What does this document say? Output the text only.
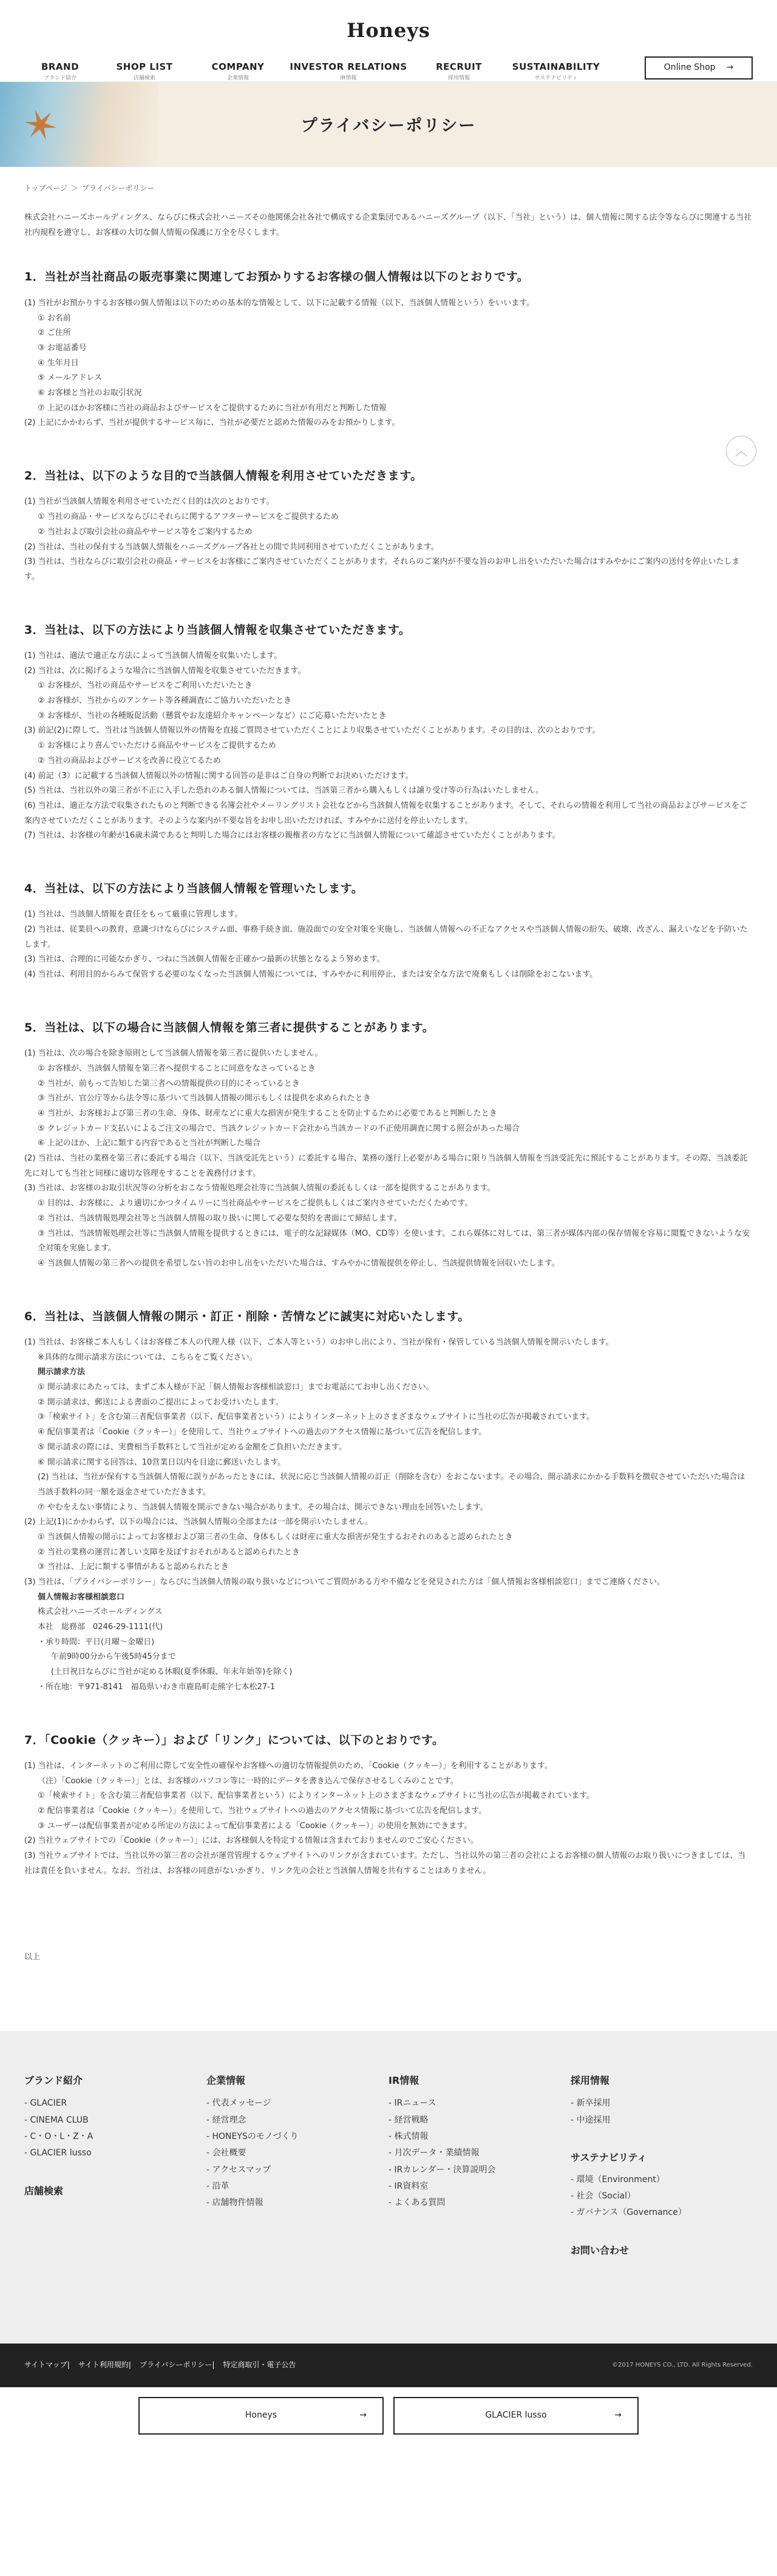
Honeys
BRAND
ブランド紹介
SHOP LIST
店舗検索
COMPANY
企業情報
INVESTOR RELATIONS
IR情報
RECRUIT
採用情報
SUSTAINABILITY
サステナビリティ
Online Shop →
✶	プライバシーポリシー
トップページ ＞ プライバシーポリシー

株式会社ハニーズホールディングス、ならびに株式会社ハニーズその他関係会社各社で構成する企業集団であるハニーズグループ（以下、「当社」という）は、個人情報に関する法令等ならびに関連する当社社内規程を遵守し、お客様の大切な個人情報の保護に万全を尽くします。

1．当社が当社商品の販売事業に関連してお預かりするお客様の個人情報は以下のとおりです。

(1) 当社がお預かりするお客様の個人情報は以下のための基本的な情報として、以下に記載する情報（以下、当該個人情報という）をいいます。

① お名前

② ご住所

③ お電話番号

④ 生年月日

⑤ メールアドレス

⑥ お客様と当社のお取引状況

⑦ 上記のほかお客様に当社の商品およびサービスをご提供するために当社が有用だと判断した情報

(2) 上記にかかわらず、当社が提供するサービス毎に、当社が必要だと認めた情報のみをお預かりします。

2．当社は、以下のような目的で当該個人情報を利用させていただきます。

(1) 当社が当該個人情報を利用させていただく目的は次のとおりです。

① 当社の商品・サービスならびにそれらに関するアフターサービスをご提供するため

② 当社および取引会社の商品やサービス等をご案内するため

(2) 当社は、当社の保有する当該個人情報をハニーズグループ各社との間で共同利用させていただくことがあります。

(3) 当社は、当社ならびに取引会社の商品・サービスをお客様にご案内させていただくことがあります。それらのご案内が不要な旨のお申し出をいただいた場合はすみやかにご案内の送付を停止いたします。

3．当社は、以下の方法により当該個人情報を収集させていただきます。

(1) 当社は、適法で適正な方法によって当該個人情報を収集いたします。

(2) 当社は、次に掲げるような場合に当該個人情報を収集させていただきます。

① お客様が、当社の商品やサービスをご利用いただいたとき

② お客様が、当社からのアンケート等各種調査にご協力いただいたとき

③ お客様が、当社の各種販促活動（懸賞やお友達紹介キャンペーンなど）にご応募いただいたとき

(3) 前記(2)に際して、当社は当該個人情報以外の情報を直接ご質問させていただくことにより収集させていただくことがあります。その目的は、次のとおりです。

① お客様により喜んでいただける商品やサービスをご提供するため

② 当社の商品およびサービスを改善に役立てるため

(4) 前記（3）に記載する当該個人情報以外の情報に関する回答の是非はご自身の判断でお決めいただけます。

(5) 当社は、当社以外の第三者が不正に入手した恐れのある個人情報については、当該第三者から購入もしくは譲り受け等の行為はいたしません。

(6) 当社は、適正な方法で収集されたものと判断できる名簿会社やメーリングリスト会社などから当該個人情報を収集することがあります。そして、それらの情報を利用して当社の商品およびサービスをご案内させていただくことがあります。そのような案内が不要な旨をお申し出いただければ、すみやかに送付を停止いたします。

(7) 当社は、お客様の年齢が16歳未満であると判明した場合にはお客様の親権者の方などに当該個人情報について確認させていただくことがあります。

4．当社は、以下の方法により当該個人情報を管理いたします。

(1) 当社は、当該個人情報を責任をもって厳重に管理します。

(2) 当社は、従業員への教育、意識づけならびにシステム面、事務手続き面、施設面での安全対策を実施し、当該個人情報への不正なアクセスや当該個人情報の紛失、破壊、改ざん、漏えいなどを予防いたします。

(3) 当社は、合理的に可能なかぎり、つねに当該個人情報を正確かつ最新の状態となるよう努めます。

(4) 当社は、利用目的からみて保管する必要のなくなった当該個人情報については、すみやかに利用停止、または安全な方法で廃棄もしくは削除をおこないます。

5．当社は、以下の場合に当該個人情報を第三者に提供することがあります。

(1) 当社は、次の場合を除き原則として当該個人情報を第三者に提供いたしません。

① お客様が、当該個人情報を第三者へ提供することに同意をなさっているとき

② 当社が、前もって告知した第三者への情報提供の目的にそっているとき

③ 当社が、官公庁等から法令等に基づいて当該個人情報の開示もしくは提供を求められたとき

④ 当社が、お客様および第三者の生命、身体、財産などに重大な損害が発生することを防止するために必要であると判断したとき

⑤ クレジットカード支払いによるご注文の場合で、当該クレジットカード会社から当該カードの不正使用調査に関する照会があった場合

⑥ 上記のほか、上記に類する内容であると当社が判断した場合

(2) 当社は、当社の業務を第三者に委託する場合（以下、当該受託先という）に委託する場合、業務の遂行上必要がある場合に限り当該個人情報を当該受託先に預託することがあります。その際、当該委託先に対しても当社と同様に適切な管理をすることを義務付けます。

(3) 当社は、お客様のお取引状況等の分析をおこなう情報処理会社等に当該個人情報の委託もしくは一部を提供することがあります。

① 目的は、お客様に、より適切にかつタイムリーに当社商品やサービスをご提供もしくはご案内させていただくためです。

② 当社は、当該情報処理会社等と当該個人情報の取り扱いに関して必要な契約を書面にて締結します。

③ 当社は、当該情報処理会社等に当該個人情報を提供するときには、電子的な記録媒体（MO、CD等）を使います。これら媒体に対しては、第三者が媒体内部の保存情報を容易に閲覧できないような安全対策を実施します。

④ 当該個人情報の第三者への提供を希望しない旨のお申し出をいただいた場合は、すみやかに情報提供を停止し、当該提供情報を回収いたします。

6．当社は、当該個人情報の開示・訂正・削除・苦情などに誠実に対応いたします。

(1) 当社は、お客様ご本人もしくはお客様ご本人の代理人様（以下、ご本人等という）のお申し出により、当社が保有・保管している当該個人情報を開示いたします。

※具体的な開示請求方法については、こちらをご覧ください。

開示請求方法

① 開示請求にあたっては、まずご本人様が下記「個人情報お客様相談窓口」までお電話にてお申し出ください。

② 開示請求は、郵送による書面のご提出によってお受けいたします。

③「検索サイト」を含む第三者配信事業者（以下、配信事業者という）によりインターネット上のさまざまなウェブサイトに当社の広告が掲載されています。

④ 配信事業者は「Cookie（クッキー）」を使用して、当社ウェブサイトへの過去のアクセス情報に基づいて広告を配信します。

⑤ 開示請求の際には、実費相当手数料として当社が定める金額をご負担いただきます。

⑥ 開示請求に関する回答は、10営業日以内を目途に郵送いたします。

(2) 当社は、当社が保有する当該個人情報に誤りがあったときには、状況に応じ当該個人情報の訂正（削除を含む）をおこないます。その場合、開示請求にかかる手数料を徴収させていただいた場合は当該手数料の同一額を返金させていただきます。

⑦ やむをえない事情により、当該個人情報を開示できない場合があります。その場合は、開示できない理由を回答いたします。

(2) 上記(1)にかかわらず、以下の場合には、当該個人情報の全部または一部を開示いたしません。

① 当該個人情報の開示によってお客様および第三者の生命、身体もしくは財産に重大な損害が発生するおそれのあると認められたとき

② 当社の業務の運営に著しい支障を及ぼすおそれがあると認められたとき

③ 当社は、上記に類する事情があると認められたとき

(3) 当社は、「プライバシーポリシー」ならびに当該個人情報の取り扱いなどについてご質問がある方や不備などを発見された方は「個人情報お客様相談窓口」までご連絡ください。

個人情報お客様相談窓口

株式会社ハニーズホールディングス

本社　総務部　0246-29-1111(代)

・承り時間：平日(月曜〜金曜日)

午前9時00分から午後5時45分まで

(土日祝日ならびに当社が定める休暇(夏季休暇、年末年始等)を除く)

・所在地：〒971-8141　福島県いわき市鹿島町走熊字七本松27-1

7．「Cookie（クッキー）」および「リンク」については、以下のとおりです。

(1) 当社は、インターネットのご利用に際して安全性の確保やお客様への適切な情報提供のため、「Cookie（クッキー）」を利用することがあります。

（注）「Cookie（クッキー）」とは、お客様のパソコン等に一時的にデータを書き込んで保存させるしくみのことです。

①「検索サイト」を含む第三者配信事業者（以下、配信事業者という）によりインターネット上のさまざまなウェブサイトに当社の広告が掲載されています。

② 配信事業者は「Cookie（クッキー）」を使用して、当社ウェブサイトへの過去のアクセス情報に基づいて広告を配信します。

③ ユーザーは配信事業者が定める所定の方法によって配信事業者による「Cookie（クッキー）」の使用を無効にできます。

(2) 当社ウェブサイトでの「Cookie（クッキー）」には、お客様個人を特定する情報は含まれておりませんのでご安心ください。

(3) 当社ウェブサイトでは、当社以外の第三者の会社が運営管理するウェブサイトへのリンクが含まれています。ただし、当社以外の第三者の会社によるお客様の個人情報のお取り扱いにつきましては、当社は責任を負いません。なお、当社は、お客様の同意がないかぎり、リンク先の会社と当該個人情報を共有することはありません。

以上

︿
ブランド紹介
- GLACIER
- CINEMA CLUB
- C・O・L・Z・A
- GLACIER lusso
店舗検索
企業情報
- 代表メッセージ
- 経営理念
- HONEYSのモノづくり
- 会社概要
- アクセスマップ
- 沿革
- 店舗物件情報
IR情報
- IRニュース
- 経営戦略
- 株式情報
- 月次データ・業績情報
- IRカレンダー・決算説明会
- IR資料室
- よくある質問
採用情報
- 新卒採用
- 中途採用
サステナビリティ
- 環境（Environment）
- 社会（Social）
- ガバナンス（Governance）
お問い合わせ
公式オンラインショップ
Honeys	→	GLACIER lusso	→
サイトマップ| サイト利用規約| プライバシーポリシー| 特定商取引・電子公告	©2017 HONEYS CO., LTD. All Rights Reserved.
